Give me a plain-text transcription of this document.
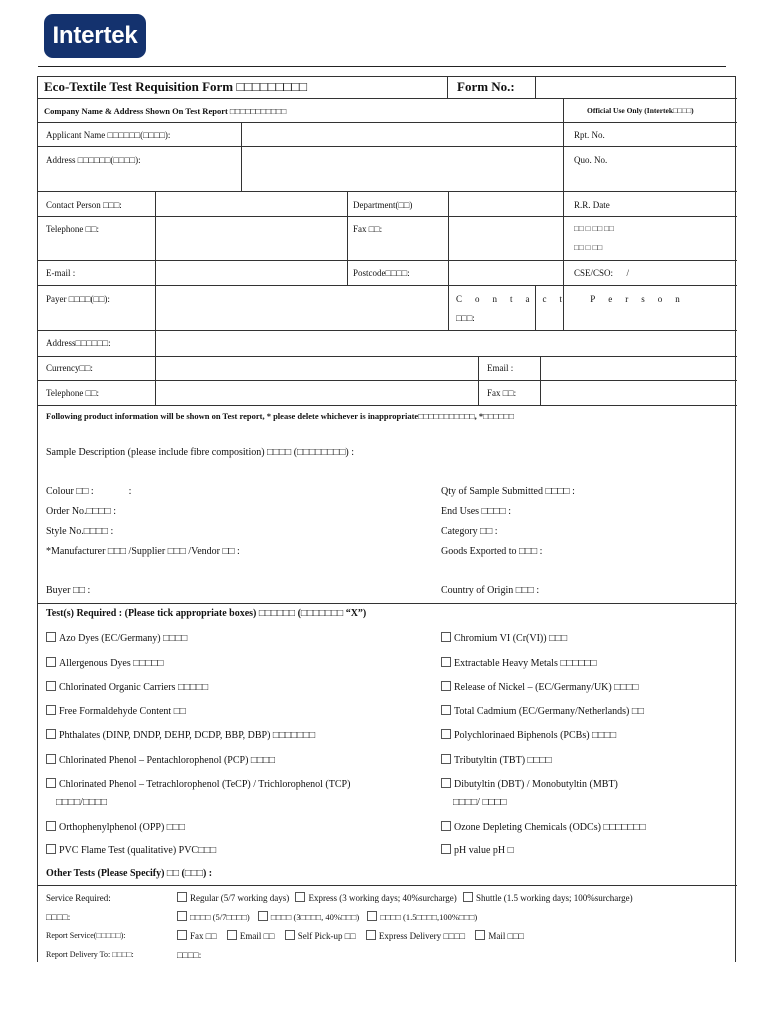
Intertek
Eco-Textile Test Requisition Form □□□□□□□□□	Form No.:
Company Name & Address Shown On Test Report □□□□□□□□□□□	Official Use Only (Intertek□□□□)
Applicant Name □□□□□□(□□□□):	Rpt. No.
Address □□□□□□(□□□□):	Quo. No.
Contact Person □□□:	Department(□□)	R.R. Date
Telephone □□:	Fax □□:	□□ □ □□ □□
□□ □ □□
E-mail :	Postcode□□□□:	CSE/CSO:      /
Payer □□□□(□□):	Contact Person
□□□:
Address□□□□□□:
Currency□□:	Email :
Telephone □□:	Fax □□:
Following product information will be shown on Test report, * please delete whichever is inappropriate□□□□□□□□□□□, *□□□□□□
Sample Description (please include fibre composition) □□□□ (□□□□□□□□) :
Colour □□ :              :	Qty of Sample Submitted □□□□ :
Order No.□□□□ :	End Uses □□□□ :
Style No.□□□□ :	Category □□ :
*Manufacturer □□□ /Supplier □□□ /Vendor □□ :	Goods Exported to □□□ :
Buyer □□ :	Country of Origin □□□ :
Test(s) Required : (Please tick appropriate boxes) □□□□□□ (□□□□□□□ “X”)
Azo Dyes (EC/Germany) □□□□
Allergenous Dyes □□□□□
Chlorinated Organic Carriers □□□□□
Free Formaldehyde Content □□
Phthalates (DINP, DNDP, DEHP, DCDP, BBP, DBP) □□□□□□□
Chlorinated Phenol – Pentachlorophenol (PCP) □□□□
Chlorinated Phenol – Tetrachlorophenol (TeCP) / Trichlorophenol (TCP)
□□□□/□□□□
Orthophenylphenol (OPP) □□□
PVC Flame Test (qualitative) PVC□□□
Chromium VI (Cr(VI)) □□□
Extractable Heavy Metals □□□□□□
Release of Nickel – (EC/Germany/UK) □□□□
Total Cadmium (EC/Germany/Netherlands) □□
Polychlorinaed Biphenols (PCBs) □□□□
Tributyltin (TBT) □□□□
Dibutyltin (DBT) / Monobutyltin (MBT)
□□□□/ □□□□
Ozone Depleting Chemicals (ODCs) □□□□□□□
pH value pH □
Other Tests (Please Specify) □□ (□□□) :
Service Required:	Regular (5/7 working days) Express (3 working days; 40%surcharge) Shuttle (1.5 working days; 100%surcharge)
□□□□:	□□□□ (5/7□□□□) □□□□ (3□□□□, 40%□□□) □□□□ (1.5□□□□,100%□□□)
Report Service(□□□□□):	Fax □□	Email □□	Self Pick-up □□	Express Delivery □□□□	Mail □□□
Report Delivery To: □□□□:	□□□□:
